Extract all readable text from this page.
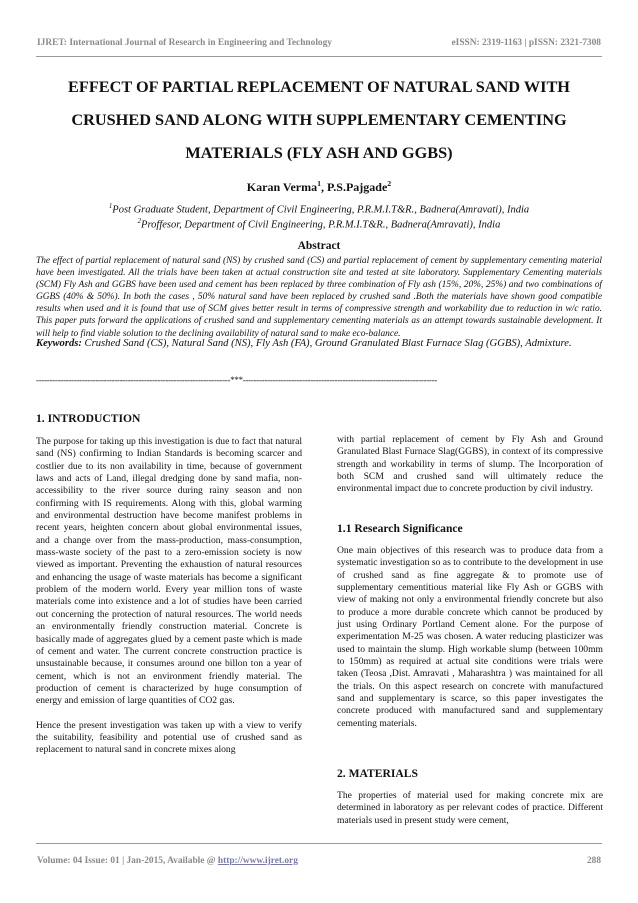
IJRET: International Journal of Research in Engineering and Technology	eISSN: 2319-1163 | pISSN: 2321-7308
EFFECT OF PARTIAL REPLACEMENT OF NATURAL SAND WITH CRUSHED SAND ALONG WITH SUPPLEMENTARY CEMENTING MATERIALS (FLY ASH AND GGBS)
Karan Verma$^1$, P.S.Pajgade$^2$
$^1$Post Graduate Student, Department of Civil Engineering, P.R.M.I.T&R., Badnera(Amravati), India
$^2$Proffesor, Department of Civil Engineering, P.R.M.I.T&R., Badnera(Amravati), India
Abstract
The effect of partial replacement of natural sand (NS) by crushed sand (CS) and partial replacement of cement by supplementary cementing material have been investigated. All the trials have been taken at actual construction site and tested at site laboratory. Supplementary Cementing materials (SCM) Fly Ash and GGBS have been used and cement has been replaced by three combination of Fly ash (15%, 20%, 25%) and two combinations of GGBS (40% & 50%). In both the cases , 50% natural sand have been replaced by crushed sand .Both the materials have shown good compatible results when used and it is found that use of SCM gives better result in terms of compressive strength and workability due to reduction in w/c ratio. This paper puts forward the applications of crushed sand and supplementary cementing materials as an attempt towards sustainable development. It will help to find viable solution to the declining availability of natural sand to make eco-balance.
Keywords: Crushed Sand (CS), Natural Sand (NS), Fly Ash (FA), Ground Granulated Blast Furnace Slag (GGBS), Admixture.
------------------------------------------------------------------------***------------------------------------------------------------------------
1. INTRODUCTION

The purpose for taking up this investigation is due to fact that natural sand (NS) confirming to Indian Standards is becoming scarcer and costlier due to its non availability in time, because of government laws and acts of Land, illegal dredging done by sand mafia, non-accessibility to the river source during rainy season and non confirming with IS requirements. Along with this, global warming and environmental destruction have become manifest problems in recent years, heighten concern about global environmental issues, and a change over from the mass-production, mass-consumption, mass-waste society of the past to a zero-emission society is now viewed as important. Preventing the exhaustion of natural resources and enhancing the usage of waste materials has become a significant problem of the modern world. Every year million tons of waste materials come into existence and a lot of studies have been carried out concerning the protection of natural resources. The world needs an environmentally friendly construction material. Concrete is basically made of aggregates glued by a cement paste which is made of cement and water. The current concrete construction practice is unsustainable because, it consumes around one billon ton a year of cement, which is not an environment friendly material. The production of cement is characterized by huge consumption of energy and emission of large quantities of CO2 gas.

Hence the present investigation was taken up with a view to verify the suitability, feasibility and potential use of crushed sand as replacement to natural sand in concrete mixes along

with partial replacement of cement by Fly Ash and Ground Granulated Blast Furnace Slag(GGBS), in context of its compressive strength and workability in terms of slump. The Incorporation of both SCM and crushed sand will ultimately reduce the environmental impact due to concrete production by civil industry.

1.1 Research Significance

One main objectives of this research was to produce data from a systematic investigation so as to contribute to the development in use of crushed sand as fine aggregate & to promote use of supplementary cementitious material like Fly Ash or GGBS with view of making not only a environmental friendly concrete but also to produce a more durable concrete which cannot be produced by just using Ordinary Portland Cement alone. For the purpose of experimentation M-25 was chosen. A water reducing plasticizer was used to maintain the slump. High workable slump (between 100mm to 150mm) as required at actual site conditions were trials were taken (Teosa ,Dist. Amravati , Maharashtra ) was maintained for all the trials. On this aspect research on concrete with manufactured sand and supplementary is scarce, so this paper investigates the concrete produced with manufactured sand and supplementary cementing materials.

2. MATERIALS

The properties of material used for making concrete mix are determined in laboratory as per relevant codes of practice. Different materials used in present study were cement,

Volume: 04 Issue: 01 | Jan-2015, Available @ http://www.ijret.org	288
